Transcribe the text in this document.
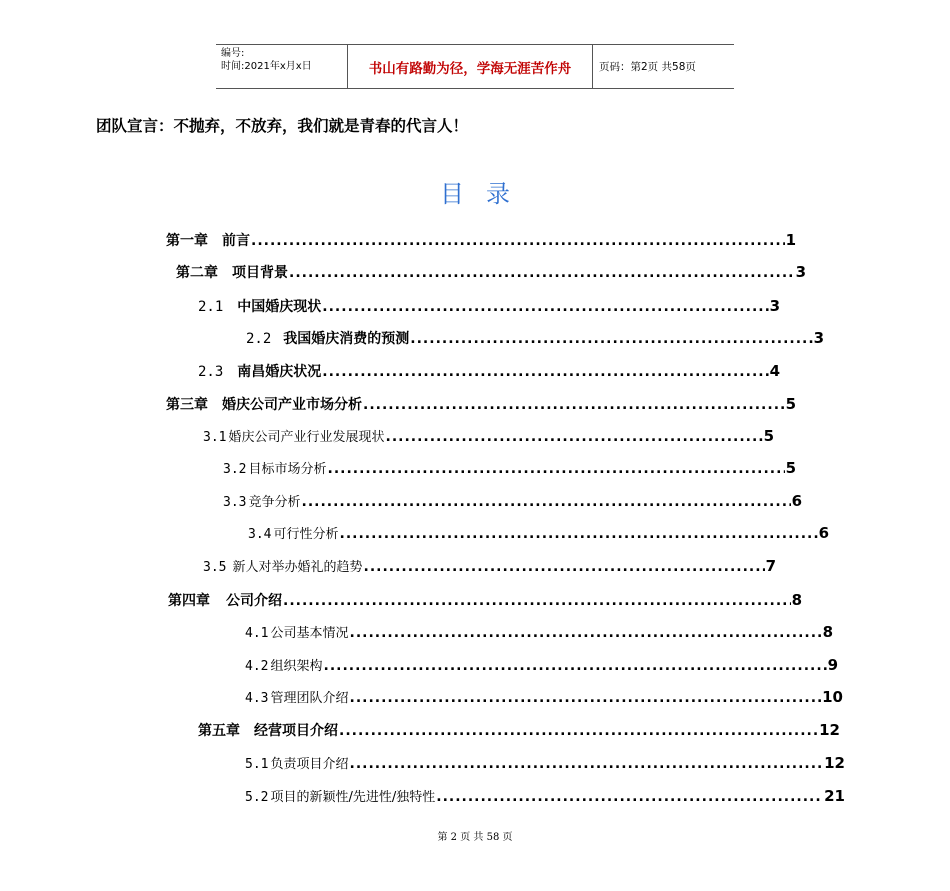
编号:
时间:2021年x月x日	书山有路勤为径，学海无涯苦作舟	页码：第2页 共58页
团队宣言：不抛弃，不放弃，我们就是青春的代言人！
目录
第一章 前言 .....	1
第二章 项目背景 .....	3
2.1 中国婚庆现状 .....	3
2.2 我国婚庆消费的预测 .....	3
2.3 南昌婚庆状况 .....	4
第三章 婚庆公司产业市场分析 .....	5
3.1 婚庆公司产业行业发展现状 .....	5
3.2 目标市场分析 .....	5
3.3 竞争分析 .....	6
3.4 可行性分析 .....	6
3.5 新人对举办婚礼的趋势 .....	7
第四章 公司介绍 .....	8
4.1 公司基本情况 .....	8
4.2 组织架构 .....	9
4.3 管理团队介绍 .....	10
第五章 经营项目介绍 .....	12
5.1 负责项目介绍 .....	12
5.2 项目的新颖性/先进性/独特性 .....	21
第 2 页 共 58 页
